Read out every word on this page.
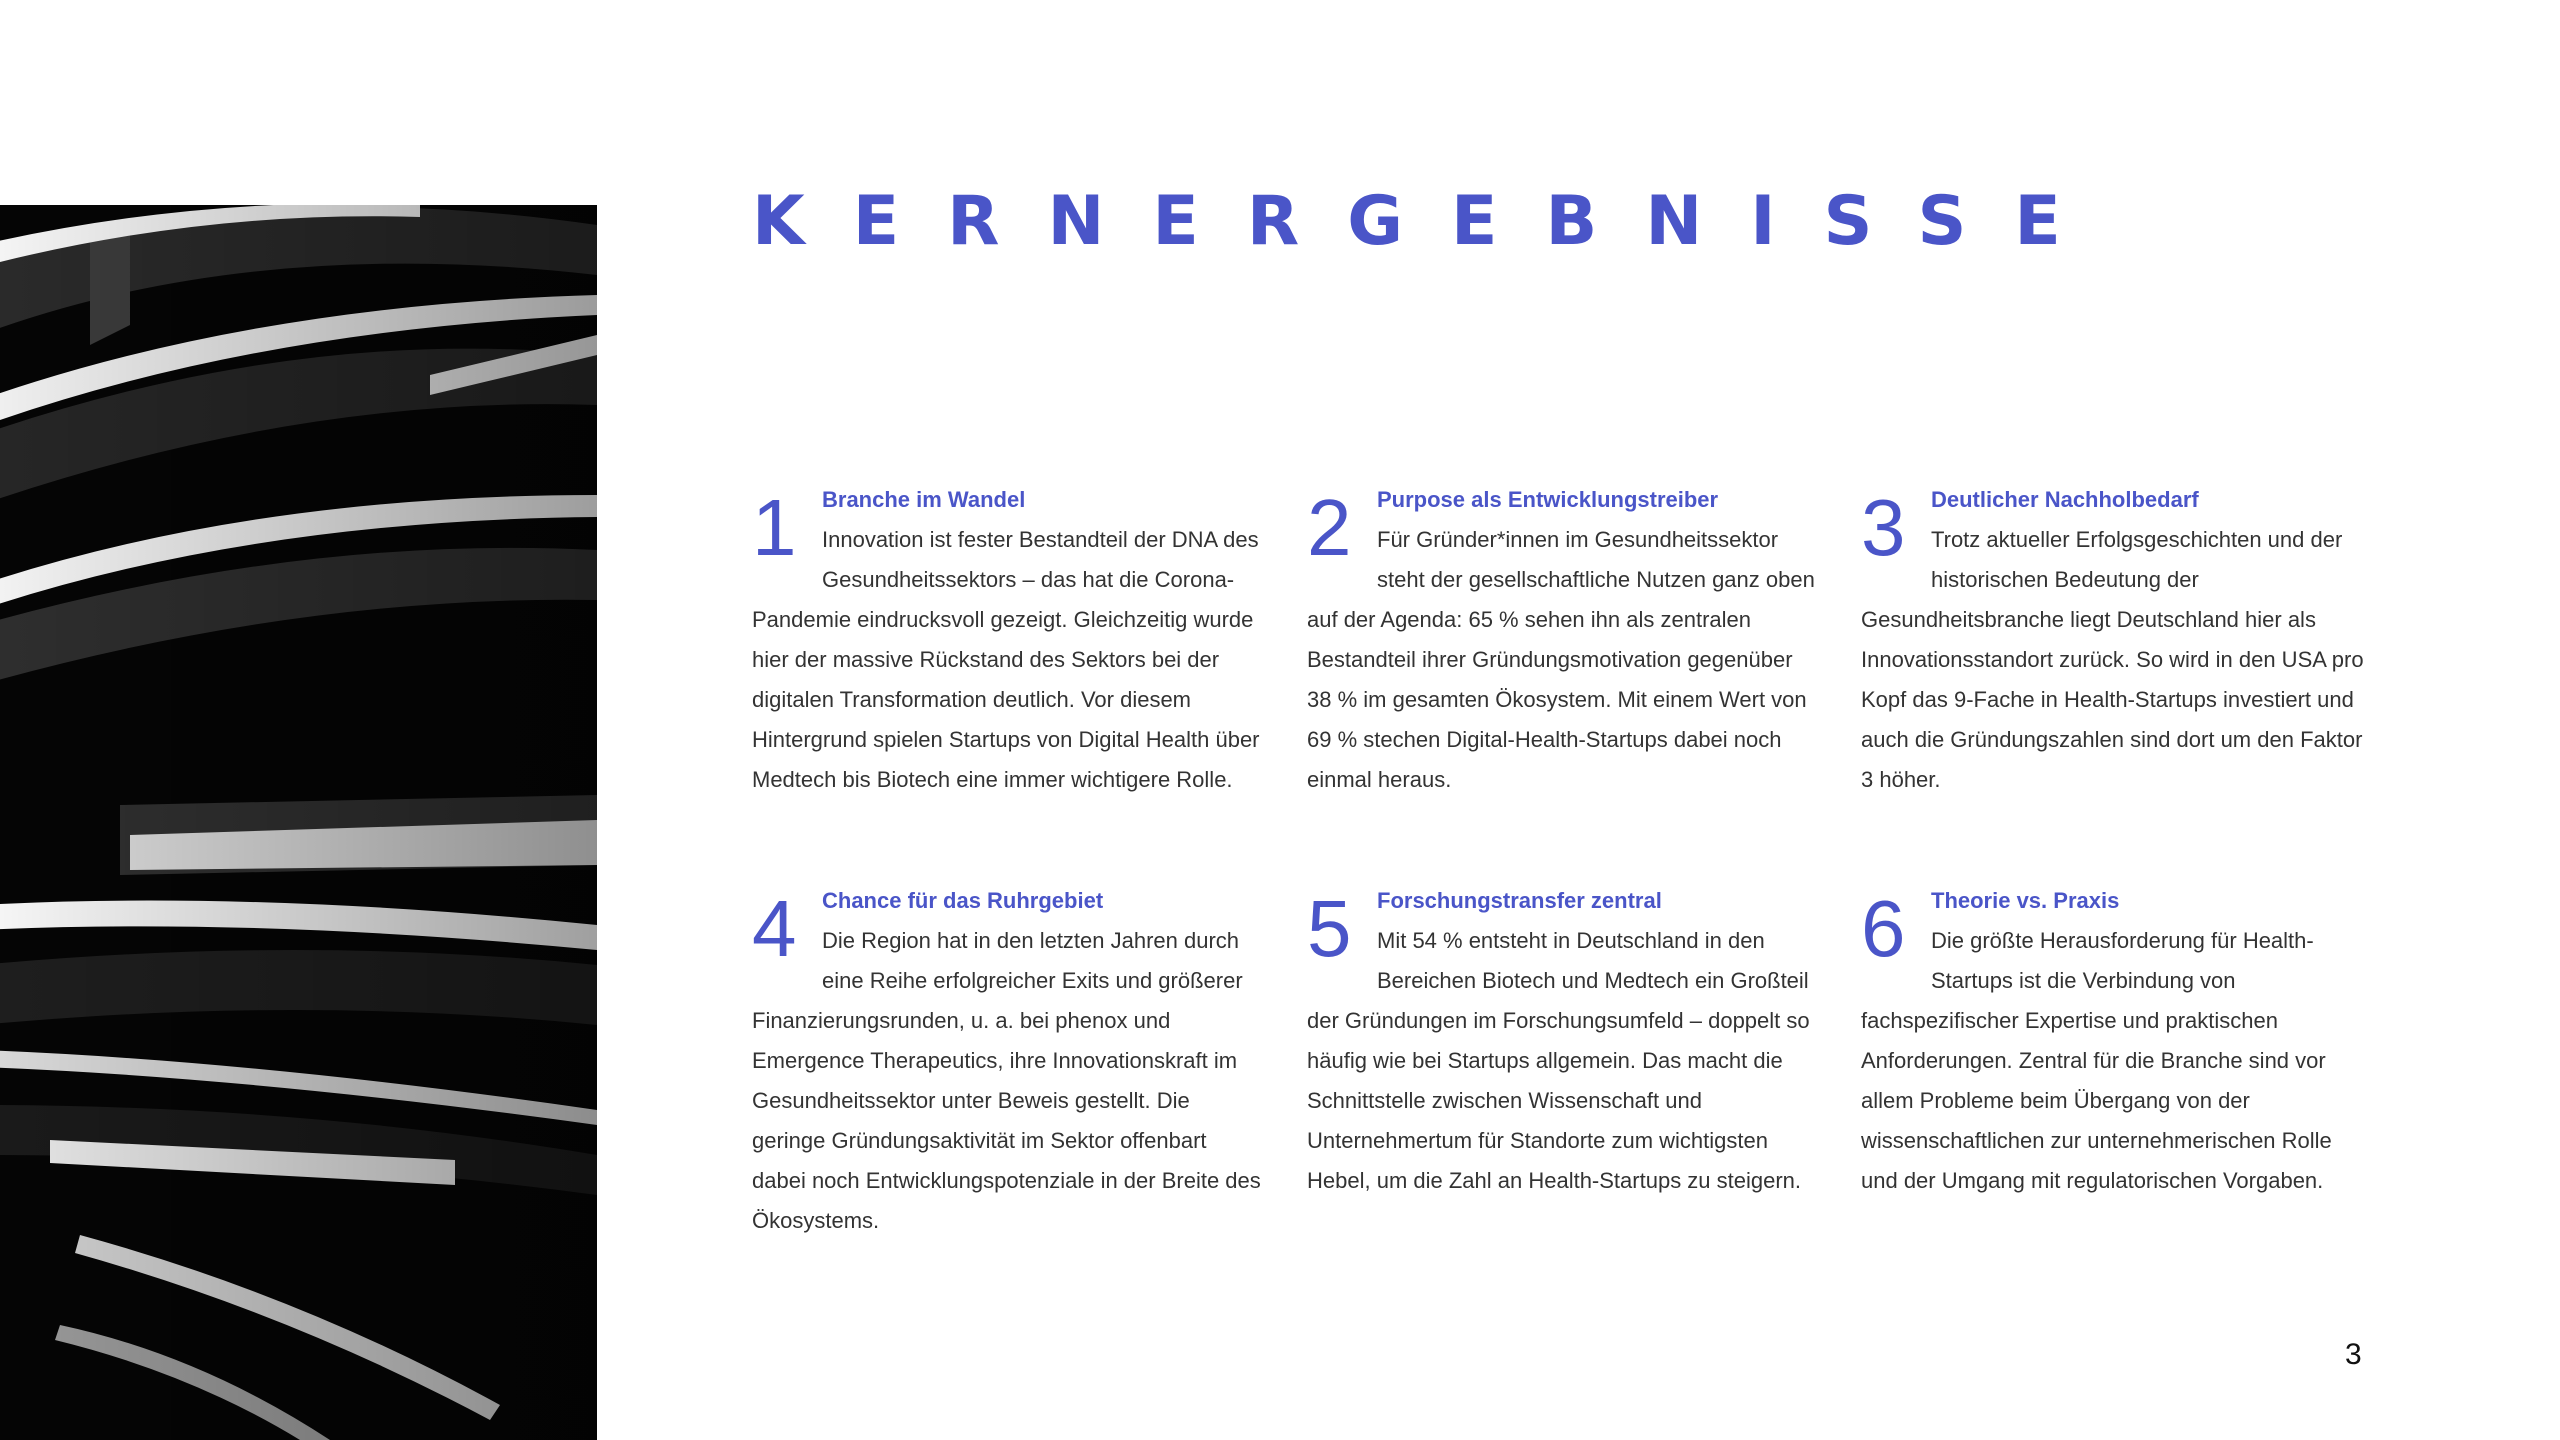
KERNERGEBNISSE

1	Branche im Wandel

Innovation ist fester Bestandteil der DNA des Gesundheitssektors – das hat die Corona-Pandemie eindrucksvoll gezeigt. Gleichzeitig wurde hier der massive Rückstand des Sektors bei der digitalen Transformation deutlich. Vor diesem Hintergrund spielen Startups von Digital Health über Medtech bis Biotech eine immer wichtigere Rolle.

2	Purpose als Entwicklungstreiber

Für Gründer*innen im Gesundheitssektor steht der gesellschaftliche Nutzen ganz oben auf der Agenda: 65 % sehen ihn als zentralen Bestandteil ihrer Gründungsmotivation gegenüber 38 % im gesamten Ökosystem. Mit einem Wert von 69 % stechen Digital-Health-Startups dabei noch einmal heraus.

3	Deutlicher Nachholbedarf

Trotz aktueller Erfolgsgeschichten und der historischen Bedeutung der Gesundheitsbranche liegt Deutschland hier als Innovationsstandort zurück. So wird in den USA pro Kopf das 9-Fache in Health-Startups investiert und auch die Gründungszahlen sind dort um den Faktor 3 höher.

4	Chance für das Ruhrgebiet

Die Region hat in den letzten Jahren durch eine Reihe erfolgreicher Exits und größerer Finanzierungsrunden, u. a. bei phenox und Emergence Therapeutics, ihre Innovationskraft im Gesundheitssektor unter Beweis gestellt. Die geringe Gründungsaktivität im Sektor offenbart dabei noch Entwicklungspotenziale in der Breite des Ökosystems.

5	Forschungstransfer zentral

Mit 54 % entsteht in Deutschland in den Bereichen Biotech und Medtech ein Großteil der Gründungen im Forschungsumfeld – doppelt so häufig wie bei Startups allgemein. Das macht die Schnittstelle zwischen Wissenschaft und Unternehmertum für Standorte zum wichtigsten Hebel, um die Zahl an Health-Startups zu steigern.

6	Theorie vs. Praxis

Die größte Herausforderung für Health-Startups ist die Verbindung von fachspezifischer Expertise und praktischen Anforderungen. Zentral für die Branche sind vor allem Probleme beim Übergang von der wissenschaftlichen zur unternehmerischen Rolle und der Umgang mit regulatorischen Vorgaben.

3
